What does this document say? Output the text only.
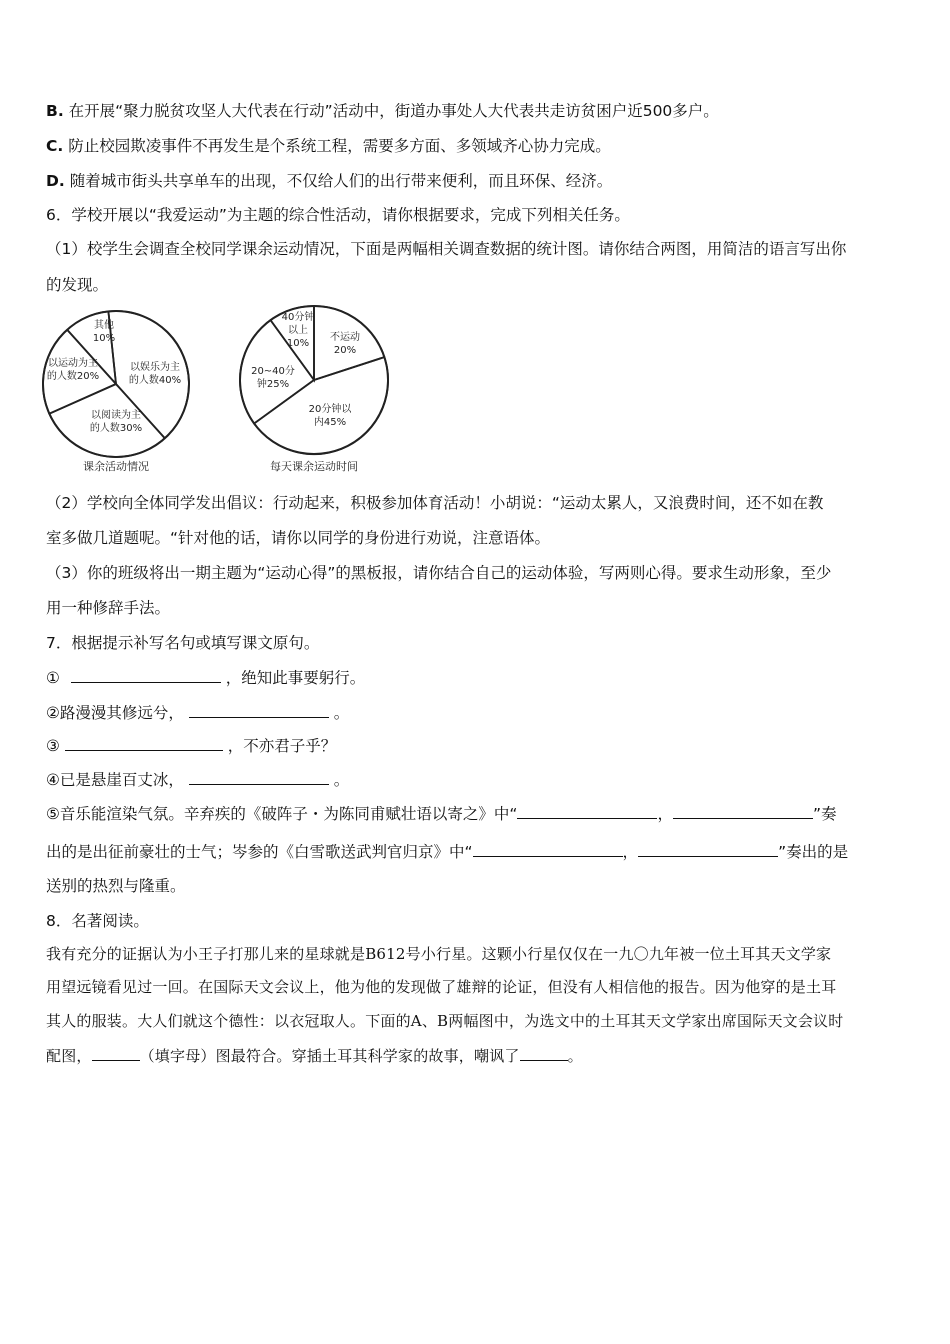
B. 在开展“聚力脱贫攻坚人大代表在行动”活动中，街道办事处人大代表共走访贫困户近500多户。
C. 防止校园欺凌事件不再发生是个系统工程，需要多方面、多领域齐心协力完成。
D. 随着城市街头共享单车的出现，不仅给人们的出行带来便利，而且环保、经济。
6．学校开展以“我爱运动”为主题的综合性活动，请你根据要求，完成下列相关任务。
（1）校学生会调查全校同学课余运动情况，下面是两幅相关调查数据的统计图。请你结合两图，用简洁的语言写出你
的发现。
以娱乐为主
的人数40%
以阅读为主
的人数30%
以运动为主
的人数20%
其他
10%
课余活动情况
不运动
20%
20分钟以
内45%
20~40分
钟25%
40分钟
以上
10%
每天课余运动时间
（2）学校向全体同学发出倡议：行动起来，积极参加体育活动！小胡说：“运动太累人，又浪费时间，还不如在教
室多做几道题呢。“针对他的话，请你以同学的身份进行劝说，注意语体。
（3）你的班级将出一期主题为“运动心得”的黑板报，请你结合自己的运动体验，写两则心得。要求生动形象，至少
用一种修辞手法。
7．根据提示补写名句或填写课文原句。
①	，绝知此事要躬行。
②路漫漫其修远兮，	。
③	，不亦君子乎？
④已是悬崖百丈冰，	。
⑤音乐能渲染气氛。辛弃疾的《破阵子・为陈同甫赋壮语以寄之》中“	，	”奏
出的是出征前豪壮的士气；岑参的《白雪歌送武判官归京》中“	，	”奏出的是
送别的热烈与隆重。
8．名著阅读。
我有充分的证据认为小王子打那儿来的星球就是B612号小行星。这颗小行星仅仅在一九〇九年被一位土耳其天文学家
用望远镜看见过一回。在国际天文会议上，他为他的发现做了雄辩的论证，但没有人相信他的报告。因为他穿的是土耳
其人的服装。大人们就这个德性：以衣冠取人。下面的A、B两幅图中，为选文中的土耳其天文学家出席国际天文会议时
配图，	（填字母）图最符合。穿插土耳其科学家的故事，嘲讽了	。
